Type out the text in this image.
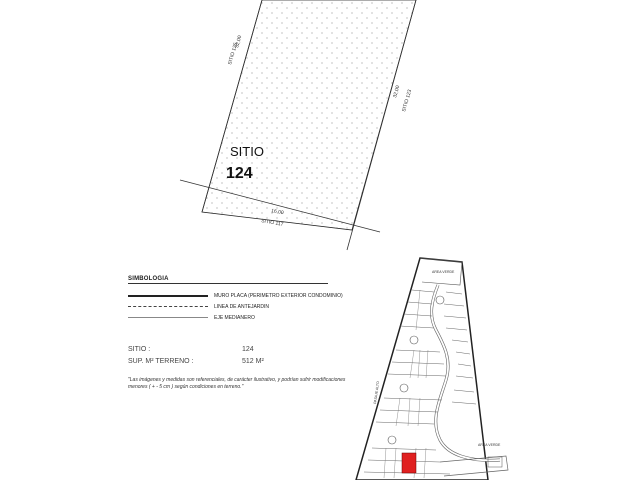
32,00
SITIO 125
32,00 SITIO 123
16,00
SITIO 117
SITIO
124
SIMBOLOGIA
MURO PLACA (PERIMETRO EXTERIOR CONDOMINIO)
LINEA DE ANTEJARDIN
EJE MEDIANERO
SITIO :	124
SUP. M² TERRENO :	512 M²
"Las imágenes y medidas son referenciales, de carácter ilustrativo, y podrían sufrir modificaciones menores ( + - 5 cm ) según condiciones en terreno."
AREA VERDE
PASAJE ALTO
AREA VERDE
